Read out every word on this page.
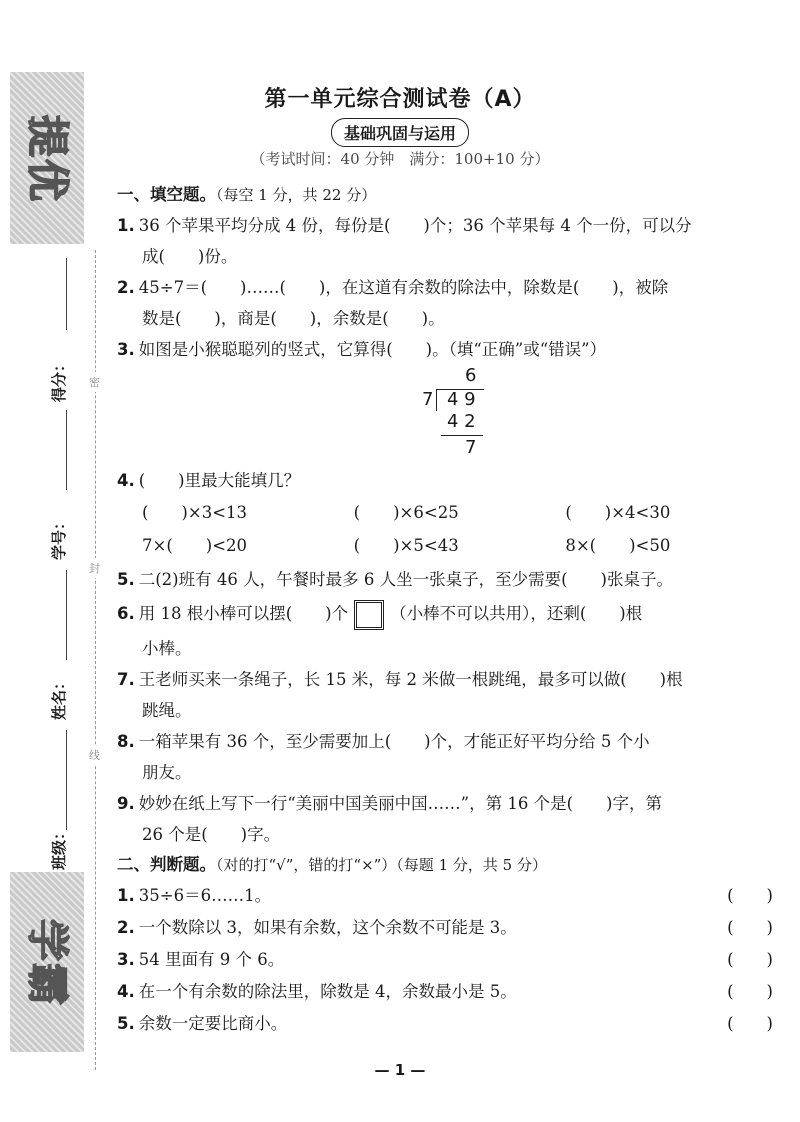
提
优
得分：
学号：
姓名：
班级：
密
封
线
学
霸
第一单元综合测试卷（A）
基础巩固与运用
（考试时间：40 分钟　满分：100+10 分）
一、填空题。（每空 1 分，共 22 分）
1. 36 个苹果平均分成 4 份，每份是(　　)个；36 个苹果每 4 个一份，可以分
成(　　)份。
2. 45÷7＝(　　)……(　　)，在这道有余数的除法中，除数是(　　)，被除
数是(　　)，商是(　　)，余数是(　　)。
3. 如图是小猴聪聪列的竖式，它算得(　　)。（填“正确”或“错误”）
6
7 4 9
4 2
7
4. (　　)里最大能填几？
(　　)×3<13	(　　)×6<25	(　　)×4<30
7×(　　)<20	(　　)×5<43	8×(　　)<50
5. 二(2)班有 46 人，午餐时最多 6 人坐一张桌子，至少需要(　　)张桌子。
6. 用 18 根小棒可以摆(　　)个	（小棒不可以共用），还剩(　　)根
小棒。
7. 王老师买来一条绳子，长 15 米，每 2 米做一根跳绳，最多可以做(　　)根
跳绳。
8. 一箱苹果有 36 个，至少需要加上(　　)个，才能正好平均分给 5 个小
朋友。
9. 妙妙在纸上写下一行“美丽中国美丽中国……”，第 16 个是(　　)字，第
26 个是(　　)字。
二、判断题。（对的打“√”，错的打“×”）（每题 1 分，共 5 分）
1. 35÷6＝6……1。	(　　)
2. 一个数除以 3，如果有余数，这个余数不可能是 3。	(　　)
3. 54 里面有 9 个 6。	(　　)
4. 在一个有余数的除法里，除数是 4，余数最小是 5。	(　　)
5. 余数一定要比商小。	(　　)
— 1 —
